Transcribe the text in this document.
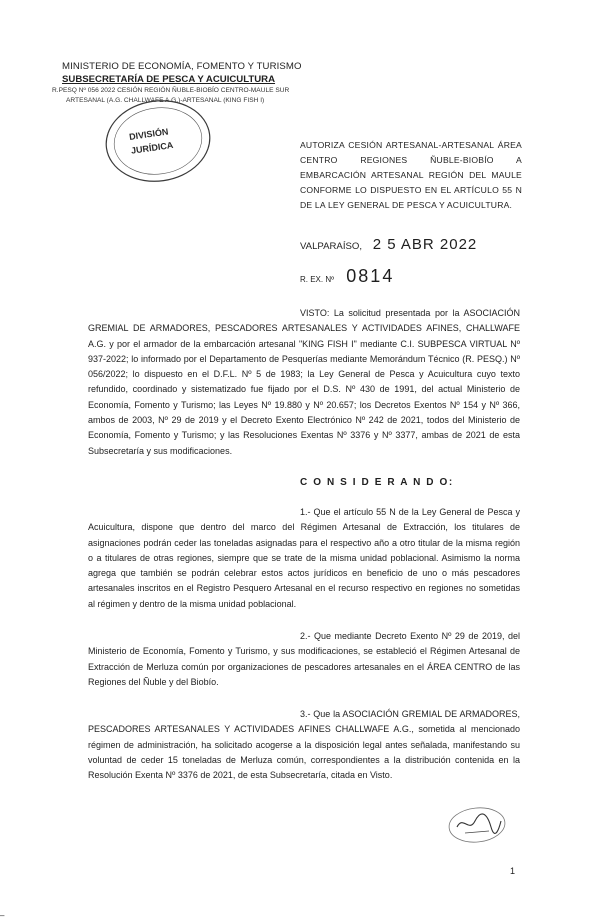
MINISTERIO DE ECONOMÍA, FOMENTO Y TURISMO
SUBSECRETARÍA DE PESCA Y ACUICULTURA
R.PESQ Nº 056 2022 CESIÓN REGIÓN ÑUBLE-BIOBÍO CENTRO-MAULE SUR
ARTESANAL (A.G. CHALLWAFE A.G.)-ARTESANAL (KING FISH I)
DIVISIÓN
JURÍDICA	AUTORIZA CESIÓN ARTESANAL-ARTESANAL ÁREA CENTRO REGIONES ÑUBLE-BIOBÍO A EMBARCACIÓN ARTESANAL REGIÓN DEL MAULE CONFORME LO DISPUESTO EN EL ARTÍCULO 55 N DE LA LEY GENERAL DE PESCA Y ACUICULTURA.
VALPARAÍSO, 2 5 ABR 2022
R. EX. Nº 0814
VISTO: La solicitud presentada por la ASOCIACIÓN GREMIAL DE ARMADORES, PESCADORES ARTESANALES Y ACTIVIDADES AFINES, CHALLWAFE A.G. y por el armador de la embarcación artesanal "KING FISH I" mediante C.I. SUBPESCA VIRTUAL Nº 937-2022; lo informado por el Departamento de Pesquerías mediante Memorándum Técnico (R. PESQ.) Nº 056/2022; lo dispuesto en el D.F.L. Nº 5 de 1983; la Ley General de Pesca y Acuicultura cuyo texto refundido, coordinado y sistematizado fue fijado por el D.S. Nº 430 de 1991, del actual Ministerio de Economía, Fomento y Turismo; las Leyes Nº 19.880 y Nº 20.657; los Decretos Exentos Nº 154 y Nº 366, ambos de 2003, Nº 29 de 2019 y el Decreto Exento Electrónico Nº 242 de 2021, todos del Ministerio de Economía, Fomento y Turismo; y las Resoluciones Exentas Nº 3376 y Nº 3377, ambas de 2021 de esta Subsecretaría y sus modificaciones.
C O N S I D E R A N D O:
1.- Que el artículo 55 N de la Ley General de Pesca y Acuicultura, dispone que dentro del marco del Régimen Artesanal de Extracción, los titulares de asignaciones podrán ceder las toneladas asignadas para el respectivo año a otro titular de la misma región o a titulares de otras regiones, siempre que se trate de la misma unidad poblacional. Asimismo la norma agrega que también se podrán celebrar estos actos jurídicos en beneficio de uno o más pescadores artesanales inscritos en el Registro Pesquero Artesanal en el recurso respectivo en regiones no sometidas al régimen y dentro de la misma unidad poblacional.
2.- Que mediante Decreto Exento Nº 29 de 2019, del Ministerio de Economía, Fomento y Turismo, y sus modificaciones, se estableció el Régimen Artesanal de Extracción de Merluza común por organizaciones de pescadores artesanales en el ÁREA CENTRO de las Regiones del Ñuble y del Biobío.
3.- Que la ASOCIACIÓN GREMIAL DE ARMADORES, PESCADORES ARTESANALES Y ACTIVIDADES AFINES CHALLWAFE A.G., sometida al mencionado régimen de administración, ha solicitado acogerse a la disposición legal antes señalada, manifestando su voluntad de ceder 15 toneladas de Merluza común, correspondientes a la distribución contenida en la Resolución Exenta Nº 3376 de 2021, de esta Subsecretaría, citada en Visto.
1
–
